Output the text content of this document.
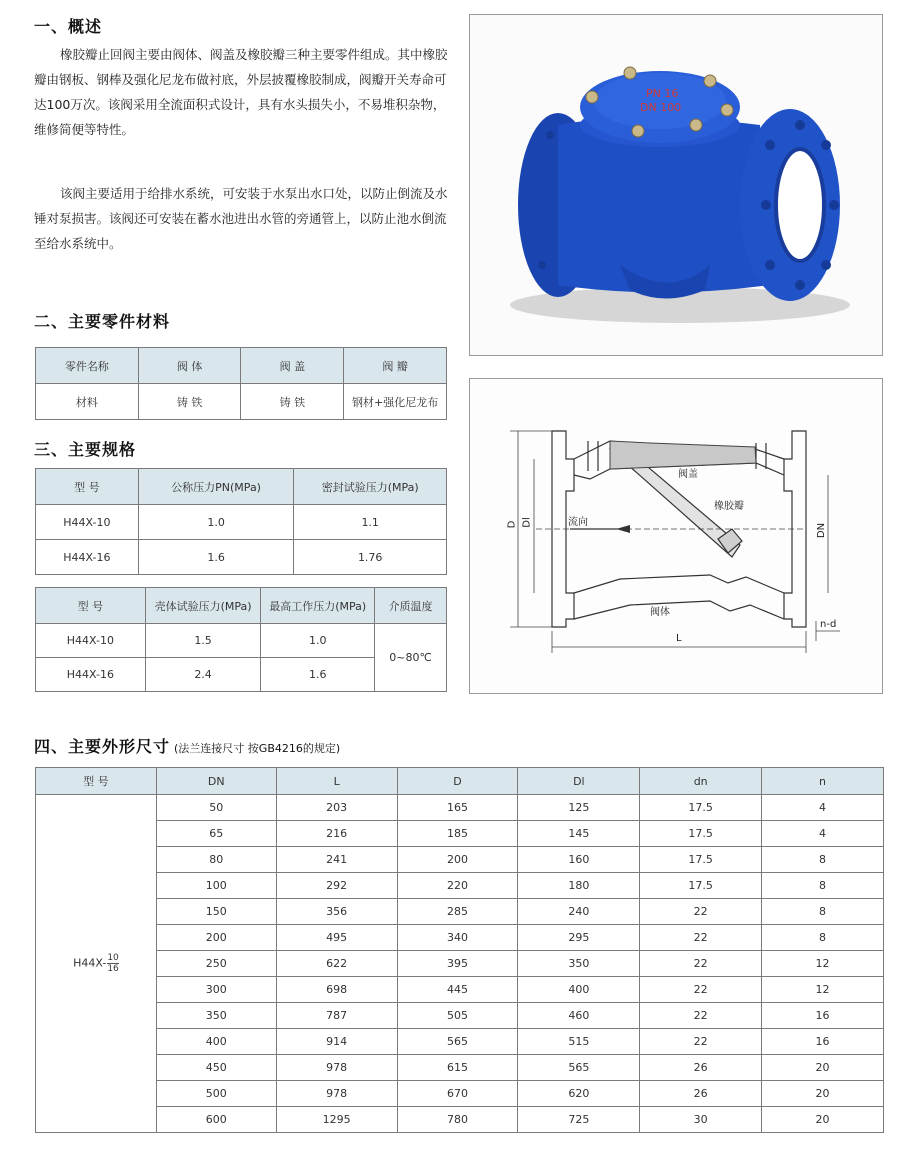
一、概述
橡胶瓣止回阀主要由阀体、阀盖及橡胶瓣三种主要零件组成。其中橡胶瓣由钢板、钢棒及强化尼龙布做衬底，外层披覆橡胶制成，阀瓣开关寿命可达100万次。该阀采用全流面积式设计，具有水头损失小，不易堆积杂物，维修简便等特性。
该阀主要适用于给排水系统，可安装于水泵出水口处，以防止倒流及水锤对泵损害。该阀还可安装在蓄水池进出水管的旁通管上，以防止池水倒流至给水系统中。
二、主要零件材料
零件名称	阀 体	阀 盖	阀 瓣
材料	铸 铁	铸 铁	钢材+强化尼龙布
三、主要规格
型 号	公称压力PN(MPa)	密封试验压力(MPa)
H44X-10	1.0	1.1
H44X-16	1.6	1.76
型 号	壳体试验压力(MPa)	最高工作压力(MPa)	介质温度
H44X-10	1.5	1.0	0~80℃
H44X-16	2.4	1.6	
PN 16
DN 100
阀盖
橡胶瓣
流向
阀体
D Dl
DN
L
n-d
四、主要外形尺寸 (法兰连接尺寸 按GB4216的规定)
型 号	DN	L	D	Dl	dn	n
$H44X- \frac{10}{16}$	50	203	165	125	17.5	4
	65	216	185	145	17.5	4
	80	241	200	160	17.5	8
	100	292	220	180	17.5	8
	150	356	285	240	22	8
	200	495	340	295	22	8
	250	622	395	350	22	12
	300	698	445	400	22	12
	350	787	505	460	22	16
	400	914	565	515	22	16
	450	978	615	565	26	20
	500	978	670	620	26	20
	600	1295	780	725	30	20
